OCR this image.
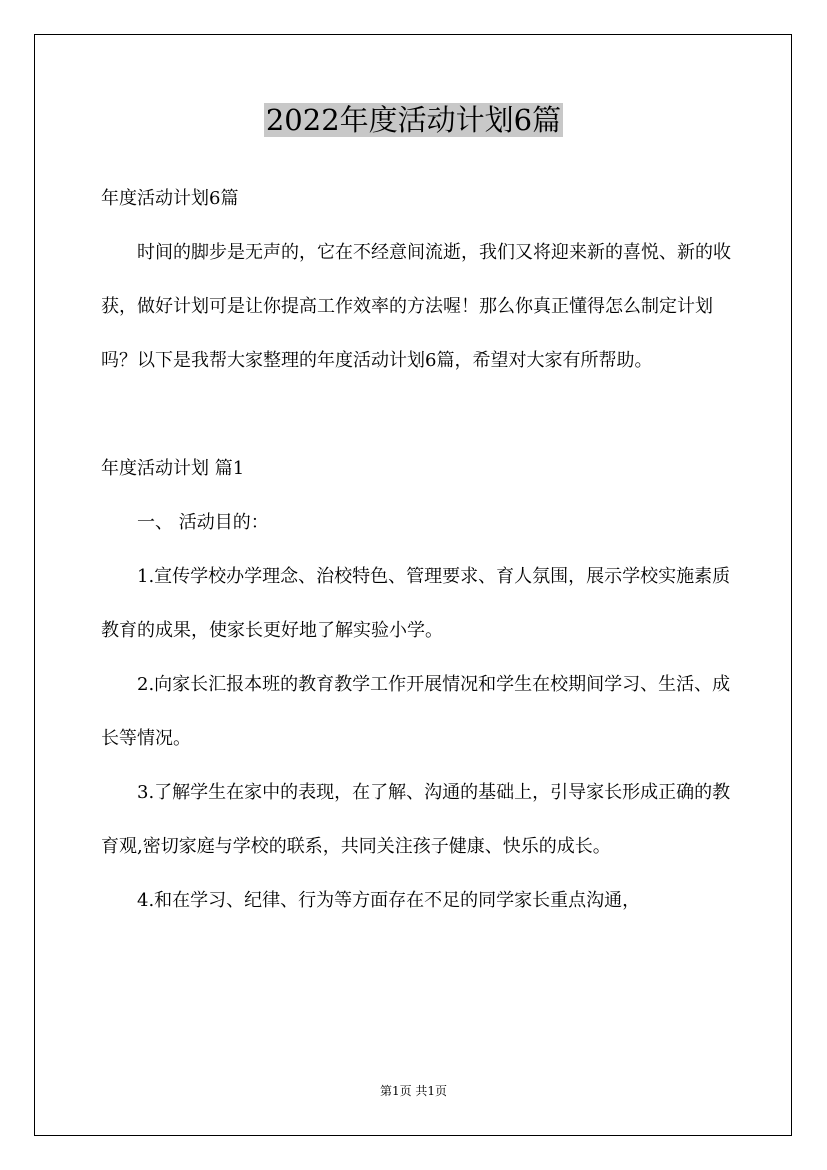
2022年度活动计划6篇

年度活动计划6篇

时间的脚步是无声的，它在不经意间流逝，我们又将迎来新的喜悦、新的收获，做好计划可是让你提高工作效率的方法喔！那么你真正懂得怎么制定计划吗？以下是我帮大家整理的年度活动计划6篇，希望对大家有所帮助。

年度活动计划 篇1

一、 活动目的：

1.宣传学校办学理念、治校特色、管理要求、育人氛围，展示学校实施素质教育的成果，使家长更好地了解实验小学。

2.向家长汇报本班的教育教学工作开展情况和学生在校期间学习、生活、成长等情况。

3.了解学生在家中的表现，在了解、沟通的基础上，引导家长形成正确的教育观,密切家庭与学校的联系，共同关注孩子健康、快乐的成长。

4.和在学习、纪律、行为等方面存在不足的同学家长重点沟通，

第1页 共1页
